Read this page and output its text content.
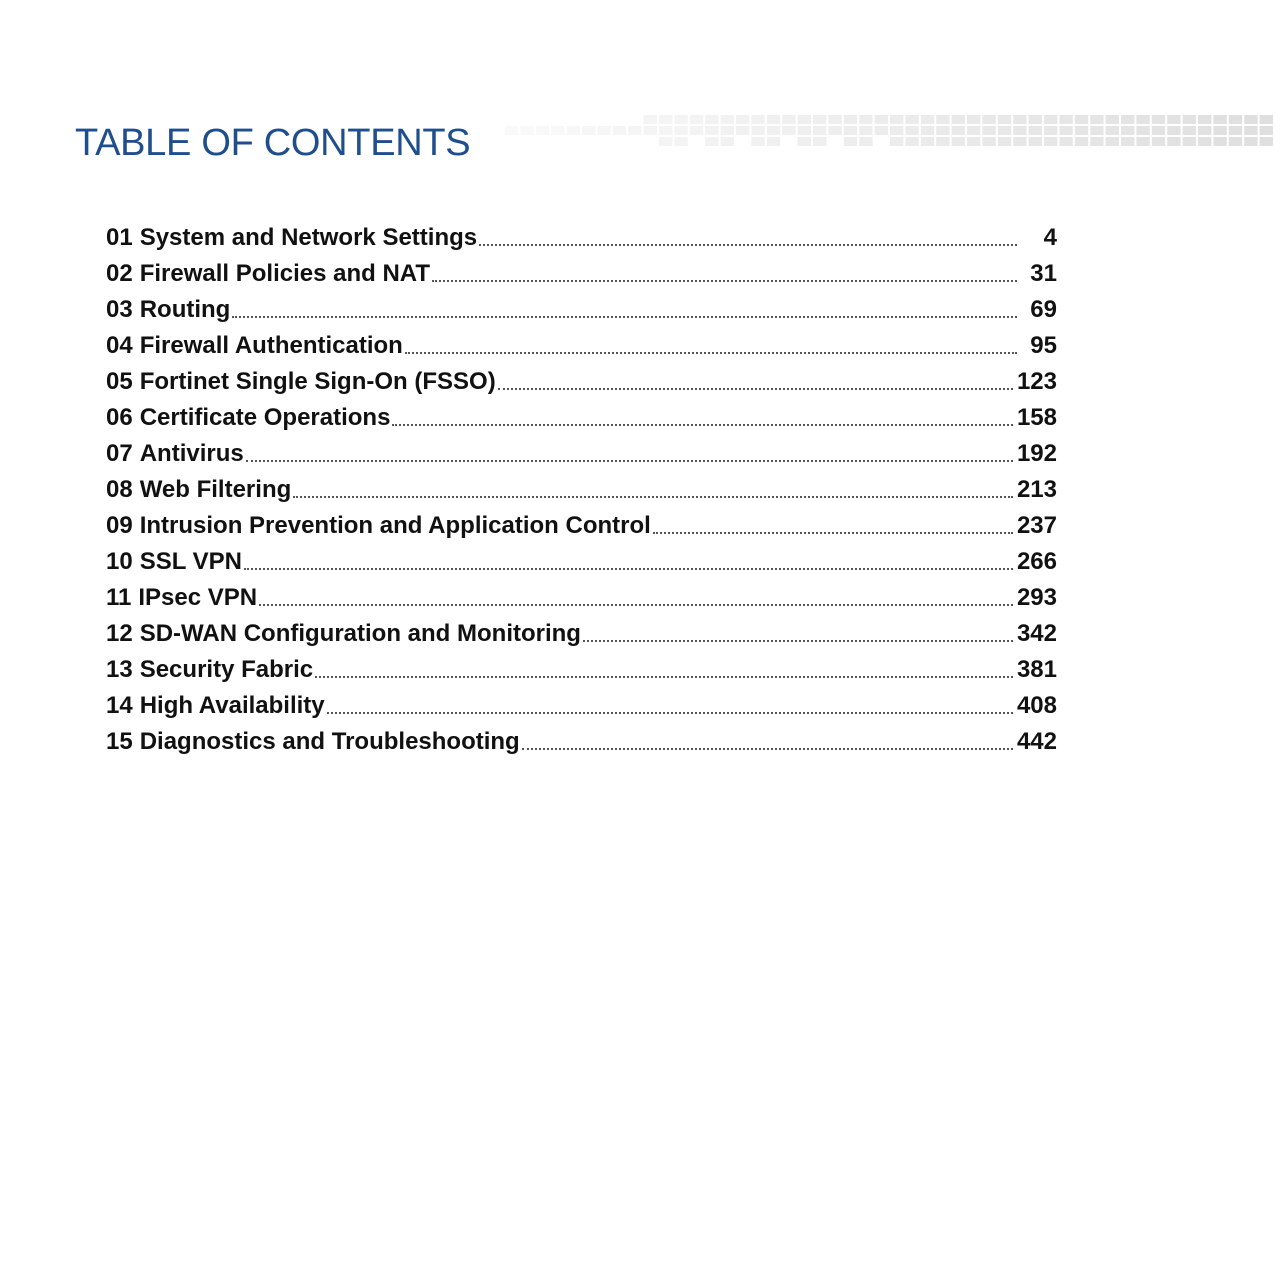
TABLE OF CONTENTS
01 System and Network Settings	4
02 Firewall Policies and NAT	31
03 Routing	69
04 Firewall Authentication	95
05 Fortinet Single Sign-On (FSSO)	123
06 Certificate Operations	158
07 Antivirus	192
08 Web Filtering	213
09 Intrusion Prevention and Application Control	237
10 SSL VPN	266
11 IPsec VPN	293
12 SD-WAN Configuration and Monitoring	342
13 Security Fabric	381
14 High Availability	408
15 Diagnostics and Troubleshooting	442
